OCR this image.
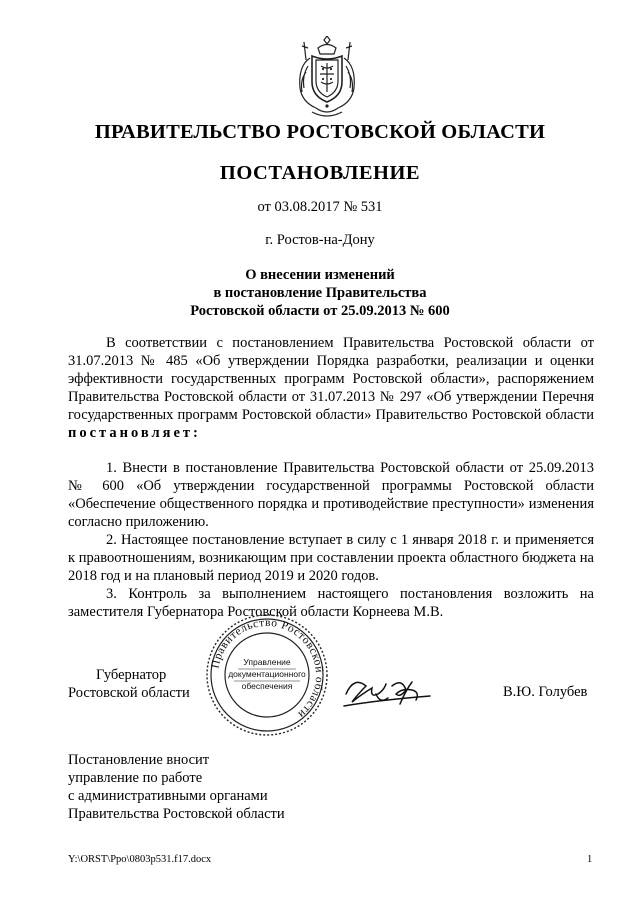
ПРАВИТЕЛЬСТВО РОСТОВСКОЙ ОБЛАСТИ
ПОСТАНОВЛЕНИЕ
от 03.08.2017 № 531
г. Ростов-на-Дону
О внесении изменений
в постановление Правительства
Ростовской области от 25.09.2013 № 600

В соответствии с постановлением Правительства Ростовской области от 31.07.2013 № 485 «Об утверждении Порядка разработки, реализации и оценки эффективности государственных программ Ростовской области», распоряжением Правительства Ростовской области от 31.07.2013 № 297 «Об утверждении Перечня государственных программ Ростовской области» Правительство Ростовской области постановляет:

1. Внести в постановление Правительства Ростовской области от 25.09.2013 № 600 «Об утверждении государственной программы Ростовской области «Обеспечение общественного порядка и противодействие преступности» изменения согласно приложению.

2. Настоящее постановление вступает в силу с 1 января 2018 г. и применяется к правоотношениям, возникающим при составлении проекта областного бюджета на 2018 год и на плановый период 2019 и 2020 годов.

3. Контроль за выполнением настоящего постановления возложить на заместителя Губернатора Ростовской области Корнеева М.В.

Губернатор
Ростовской области
Правительство Ростовской области
Управление
документационного
обеспечения	В.Ю. Голубев
Постановление вносит
управление по работе
с административными органами
Правительства Ростовской области
Y:\ORST\Ppo\0803p531.f17.docx	1
